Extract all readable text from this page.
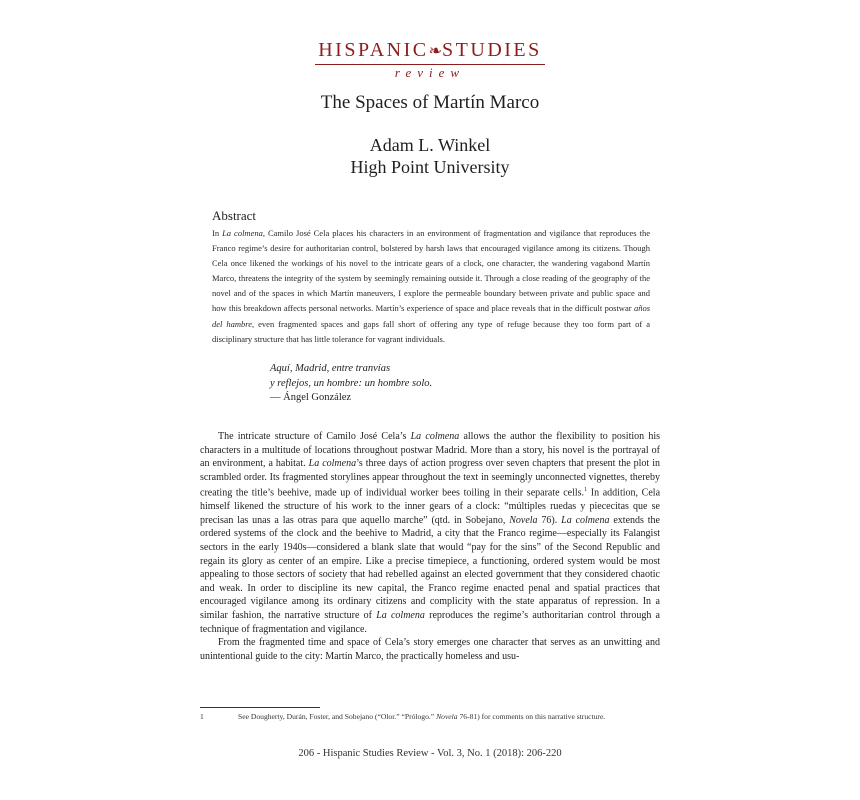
HISPANIC❧STUDIES
review
The Spaces of Martín Marco
Adam L. Winkel
High Point University
Abstract

In La colmena, Camilo José Cela places his characters in an environment of fragmentation and vigilance that reproduces the Franco regime’s desire for authoritarian control, bolstered by harsh laws that encouraged vigilance among its citizens. Though Cela once likened the workings of his novel to the intricate gears of a clock, one character, the wandering vagabond Martín Marco, threatens the integrity of the system by seemingly remaining outside it. Through a close reading of the geography of the novel and of the spaces in which Martín maneuvers, I explore the permeable boundary between private and public space and how this breakdown affects personal networks. Martín’s experience of space and place reveals that in the difficult postwar años del hambre, even fragmented spaces and gaps fall short of offering any type of refuge because they too form part of a disciplinary structure that has little tolerance for vagrant individuals.

Aquí, Madrid, entre tranvías
y reflejos, un hombre: un hombre solo.
— Ángel González

The intricate structure of Camilo José Cela’s La colmena allows the author the flexibility to position his characters in a multitude of locations throughout postwar Madrid. More than a story, his novel is the portrayal of an environment, a habitat. La colmena’s three days of action progress over seven chapters that present the plot in scrambled order. Its fragmented storylines appear throughout the text in seemingly unconnected vignettes, thereby creating the title’s beehive, made up of individual worker bees toiling in their separate cells.$^1$ In addition, Cela himself likened the structure of his work to the inner gears of a clock: “múltiples ruedas y piececitas que se precisan las unas a las otras para que aquello marche” (qtd. in Sobejano, Novela 76). La colmena extends the ordered systems of the clock and the beehive to Madrid, a city that the Franco regime—especially its Falangist sectors in the early 1940s—considered a blank slate that would “pay for the sins” of the Second Republic and regain its glory as center of an empire. Like a precise timepiece, a functioning, ordered system would be most appealing to those sectors of society that had rebelled against an elected government that they considered chaotic and weak. In order to discipline its new capital, the Franco regime enacted penal and spatial practices that encouraged vigilance among its ordinary citizens and complicity with the state apparatus of repression. In a similar fashion, the narrative structure of La colmena reproduces the regime’s authoritarian control through a technique of fragmentation and vigilance.

From the fragmented time and space of Cela’s story emerges one character that serves as an unwitting and unintentional guide to the city: Martín Marco, the practically homeless and usu-

1	See Dougherty, Durán, Foster, and Sobejano (“Olor.” “Prólogo.” Novela 76-81) for comments on this narrative structure.
206 - Hispanic Studies Review - Vol. 3, No. 1 (2018): 206-220
